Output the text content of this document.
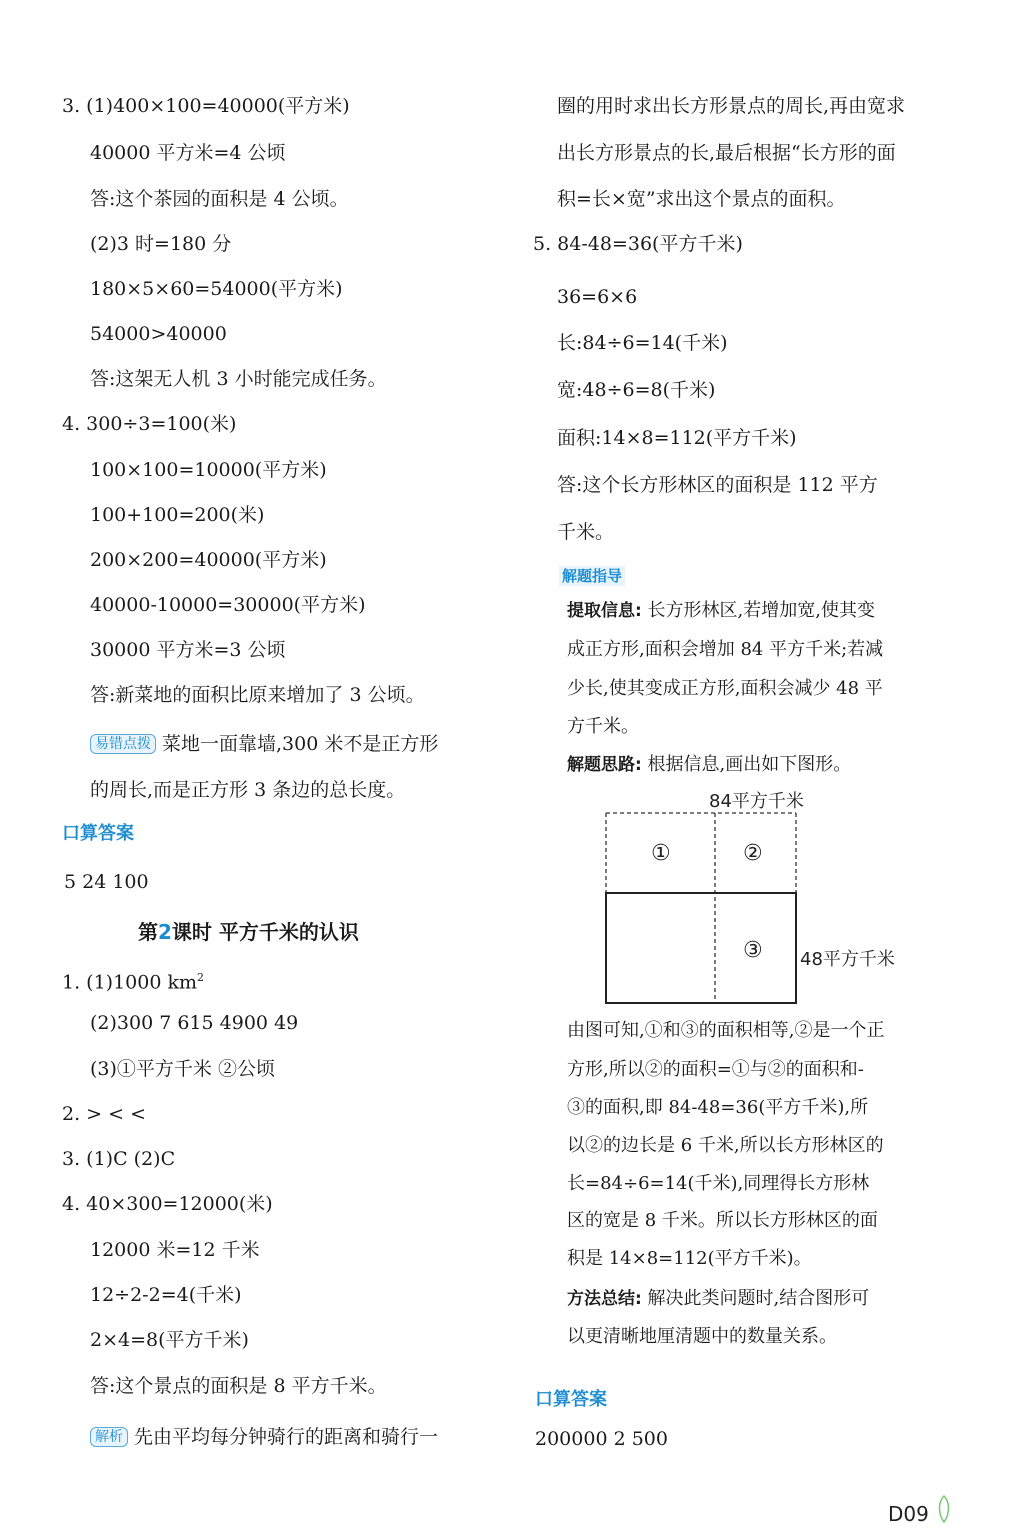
3. (1)400×100=40000(平方米)
40000 平方米=4 公顷
答:这个茶园的面积是 4 公顷。
(2)3 时=180 分
180×5×60=54000(平方米)
54000>40000
答:这架无人机 3 小时能完成任务。
4. 300÷3=100(米)
100×100=10000(平方米)
100+100=200(米)
200×200=40000(平方米)
40000-10000=30000(平方米)
30000 平方米=3 公顷
答:新菜地的面积比原来增加了 3 公顷。
易错点拨 菜地一面靠墙,300 米不是正方形
的周长,而是正方形 3 条边的总长度。
口算答案
5 24 100
第2课时 平方千米的认识
1. (1)1000 $km^2$
(2)300 7 615 4900 49
(3)①平方千米 ②公顷
2. > < <
3. (1)C (2)C
4. 40×300=12000(米)
12000 米=12 千米
12÷2-2=4(千米)
2×4=8(平方千米)
答:这个景点的面积是 8 平方千米。
解析 先由平均每分钟骑行的距离和骑行一
圈的用时求出长方形景点的周长,再由宽求
出长方形景点的长,最后根据“长方形的面
积=长×宽”求出这个景点的面积。
5. 84-48=36(平方千米)
36=6×6
长:84÷6=14(千米)
宽:48÷6=8(千米)
面积:14×8=112(平方千米)
答:这个长方形林区的面积是 112 平方
千米。
解题指导
提取信息: 长方形林区,若增加宽,使其变
成正方形,面积会增加 84 平方千米;若减
少长,使其变成正方形,面积会减少 48 平
方千米。
解题思路: 根据信息,画出如下图形。
84平方千米
①	②
③ 48平方千米
由图可知,①和③的面积相等,②是一个正
方形,所以②的面积=①与②的面积和-
③的面积,即 84-48=36(平方千米),所
以②的边长是 6 千米,所以长方形林区的
长=84÷6=14(千米),同理得长方形林
区的宽是 8 千米。所以长方形林区的面
积是 14×8=112(平方千米)。
方法总结: 解决此类问题时,结合图形可
以更清晰地厘清题中的数量关系。
口算答案
200000 2 500
D09
